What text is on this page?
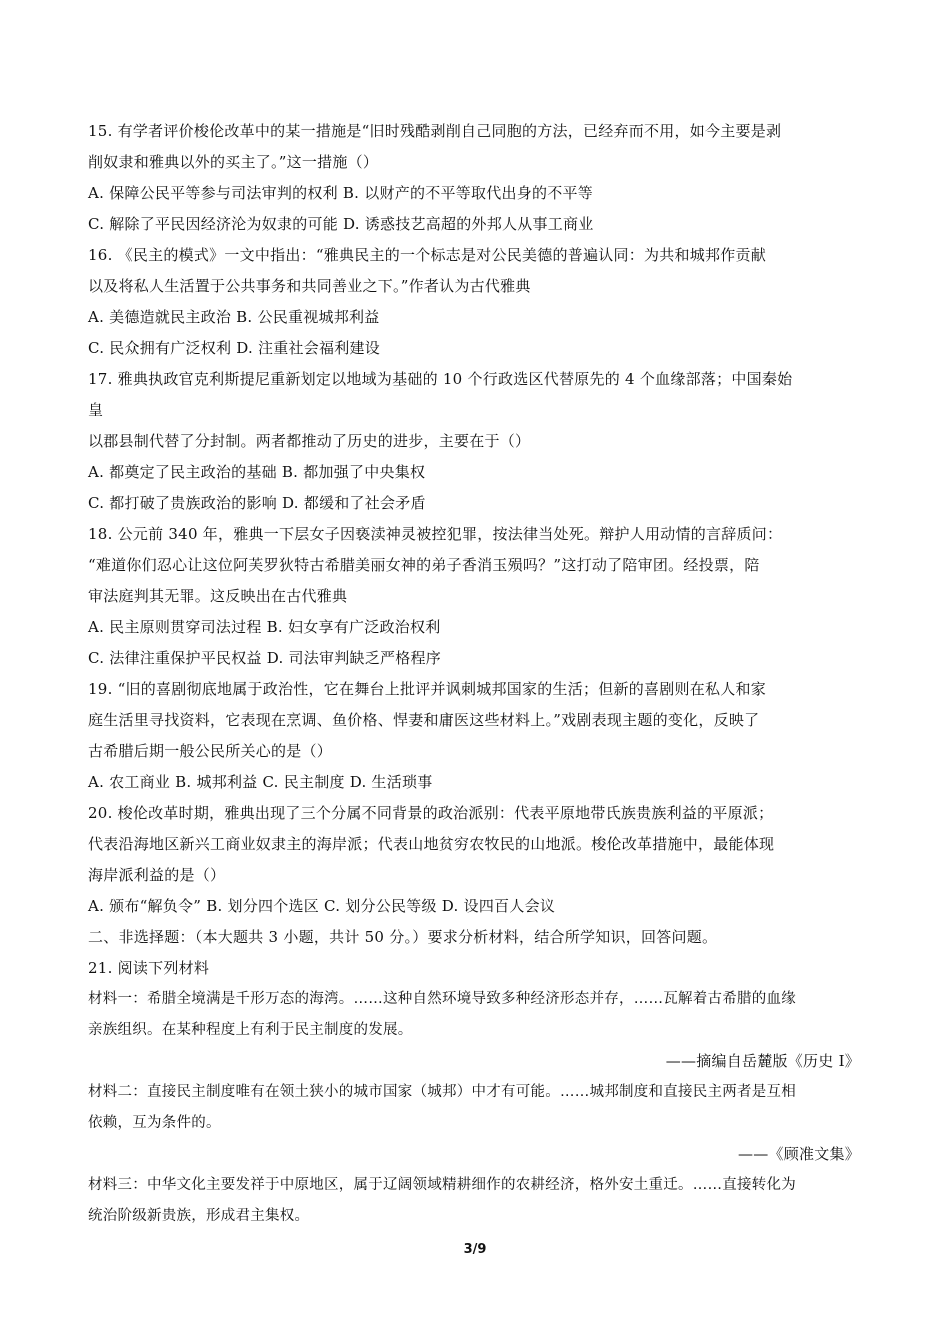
15. 有学者评价梭伦改革中的某一措施是“旧时残酷剥削自己同胞的方法，已经弃而不用，如今主要是剥
削奴隶和雅典以外的买主了。”这一措施（）
A. 保障公民平等参与司法审判的权利 B. 以财产的不平等取代出身的不平等
C. 解除了平民因经济沦为奴隶的可能 D. 诱惑技艺高超的外邦人从事工商业
16. 《民主的模式》一文中指出：“雅典民主的一个标志是对公民美德的普遍认同：为共和城邦作贡献
以及将私人生活置于公共事务和共同善业之下。”作者认为古代雅典
A. 美德造就民主政治 B. 公民重视城邦利益
C. 民众拥有广泛权利 D. 注重社会福利建设
17. 雅典执政官克利斯提尼重新划定以地域为基础的 10 个行政选区代替原先的 4 个血缘部落；中国秦始
皇
以郡县制代替了分封制。两者都推动了历史的进步，主要在于（）
A. 都奠定了民主政治的基础 B. 都加强了中央集权
C. 都打破了贵族政治的影响 D. 都缓和了社会矛盾
18. 公元前 340 年，雅典一下层女子因亵渎神灵被控犯罪，按法律当处死。辩护人用动情的言辞质问：
“难道你们忍心让这位阿芙罗狄特古希腊美丽女神的弟子香消玉殒吗？”这打动了陪审团。经投票，陪
审法庭判其无罪。这反映出在古代雅典
A. 民主原则贯穿司法过程 B. 妇女享有广泛政治权利
C. 法律注重保护平民权益 D. 司法审判缺乏严格程序
19. “旧的喜剧彻底地属于政治性，它在舞台上批评并讽刺城邦国家的生活；但新的喜剧则在私人和家
庭生活里寻找资料，它表现在烹调、鱼价格、悍妻和庸医这些材料上。”戏剧表现主题的变化，反映了
古希腊后期一般公民所关心的是（）
A. 农工商业 B. 城邦利益 C. 民主制度 D. 生活琐事
20. 梭伦改革时期，雅典出现了三个分属不同背景的政治派别：代表平原地带氏族贵族利益的平原派；
代表沿海地区新兴工商业奴隶主的海岸派；代表山地贫穷农牧民的山地派。梭伦改革措施中，最能体现
海岸派利益的是（）
A. 颁布“解负令” B. 划分四个选区 C. 划分公民等级 D. 设四百人会议
二、非选择题：（本大题共 3 小题，共计 50 分。）要求分析材料，结合所学知识，回答问题。
21. 阅读下列材料
材料一：希腊全境满是千形万态的海湾。……这种自然环境导致多种经济形态并存，……瓦解着古希腊的血缘
亲族组织。在某种程度上有利于民主制度的发展。
——摘编自岳麓版《历史 I》
材料二：直接民主制度唯有在领土狭小的城市国家（城邦）中才有可能。……城邦制度和直接民主两者是互相
依赖，互为条件的。
——《顾准文集》
材料三：中华文化主要发祥于中原地区，属于辽阔领域精耕细作的农耕经济，格外安土重迁。……直接转化为
统治阶级新贵族，形成君主集权。
3/9
